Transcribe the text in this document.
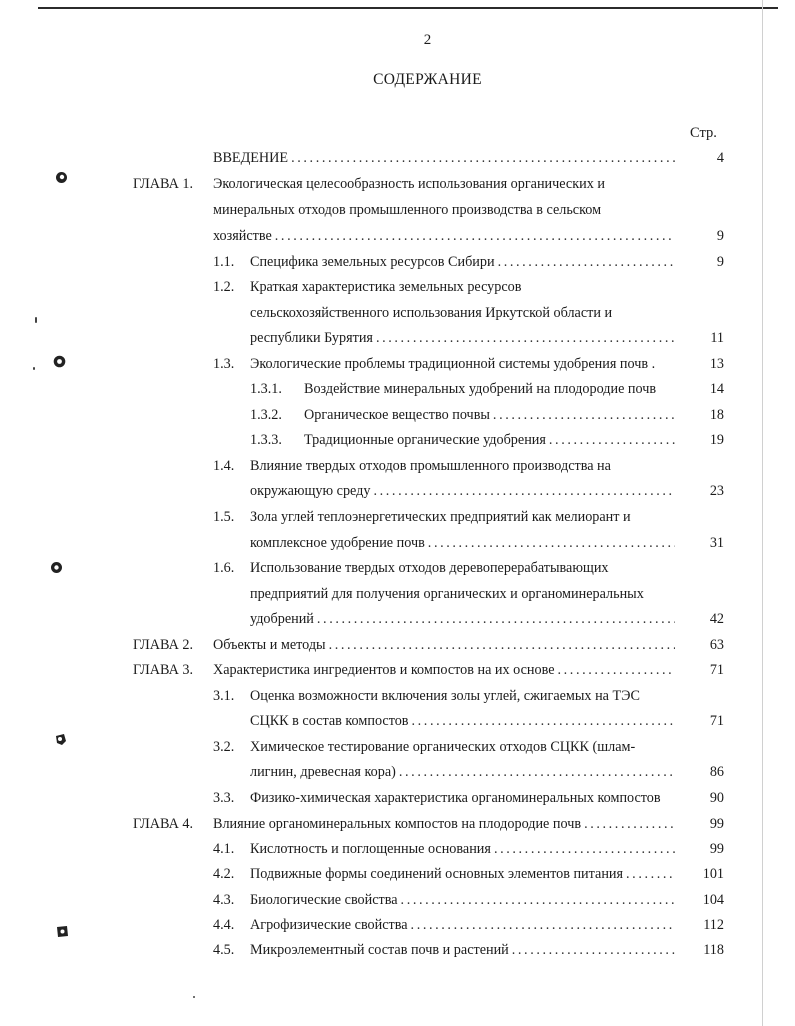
2
СОДЕРЖАНИЕ
Стр.
ВВЕДЕНИЕ .....	4
ГЛАВА 1. Экологическая целесообразность использования органических и
минеральных отходов промышленного производства в сельском
хозяйстве .....	9
1.1. Специфика земельных ресурсов Сибири .....	9
1.2. Краткая характеристика земельных ресурсов
сельскохозяйственного использования Иркутской области и
республики Бурятия .....	11
1.3. Экологические проблемы традиционной системы удобрения почв .	13
1.3.1. Воздействие минеральных удобрений на плодородие почв	14
1.3.2. Органическое вещество почвы .....	18
1.3.3. Традиционные органические удобрения .....	19
1.4. Влияние твердых отходов промышленного производства на
окружающую среду .....	23
1.5. Зола углей теплоэнергетических предприятий как мелиорант и
комплексное удобрение почв .....	31
1.6. Использование твердых отходов деревоперерабатывающих
предприятий для получения органических и органоминеральных
удобрений .....	42
ГЛАВА 2. Объекты и методы .....	63
ГЛАВА 3. Характеристика ингредиентов и компостов на их основе .....	71
3.1. Оценка возможности включения золы углей, сжигаемых на ТЭС
СЦКК в состав компостов .....	71
3.2. Химическое тестирование органических отходов СЦКК (шлам-
лигнин, древесная кора) .....	86
3.3. Физико-химическая характеристика органоминеральных компостов	90
ГЛАВА 4. Влияние органоминеральных компостов на плодородие почв .....	99
4.1. Кислотность и поглощенные основания .....	99
4.2. Подвижные формы соединений основных элементов питания .....	101
4.3. Биологические свойства .....	104
4.4. Агрофизические свойства .....	112
4.5. Микроэлементный состав почв и растений .....	118
